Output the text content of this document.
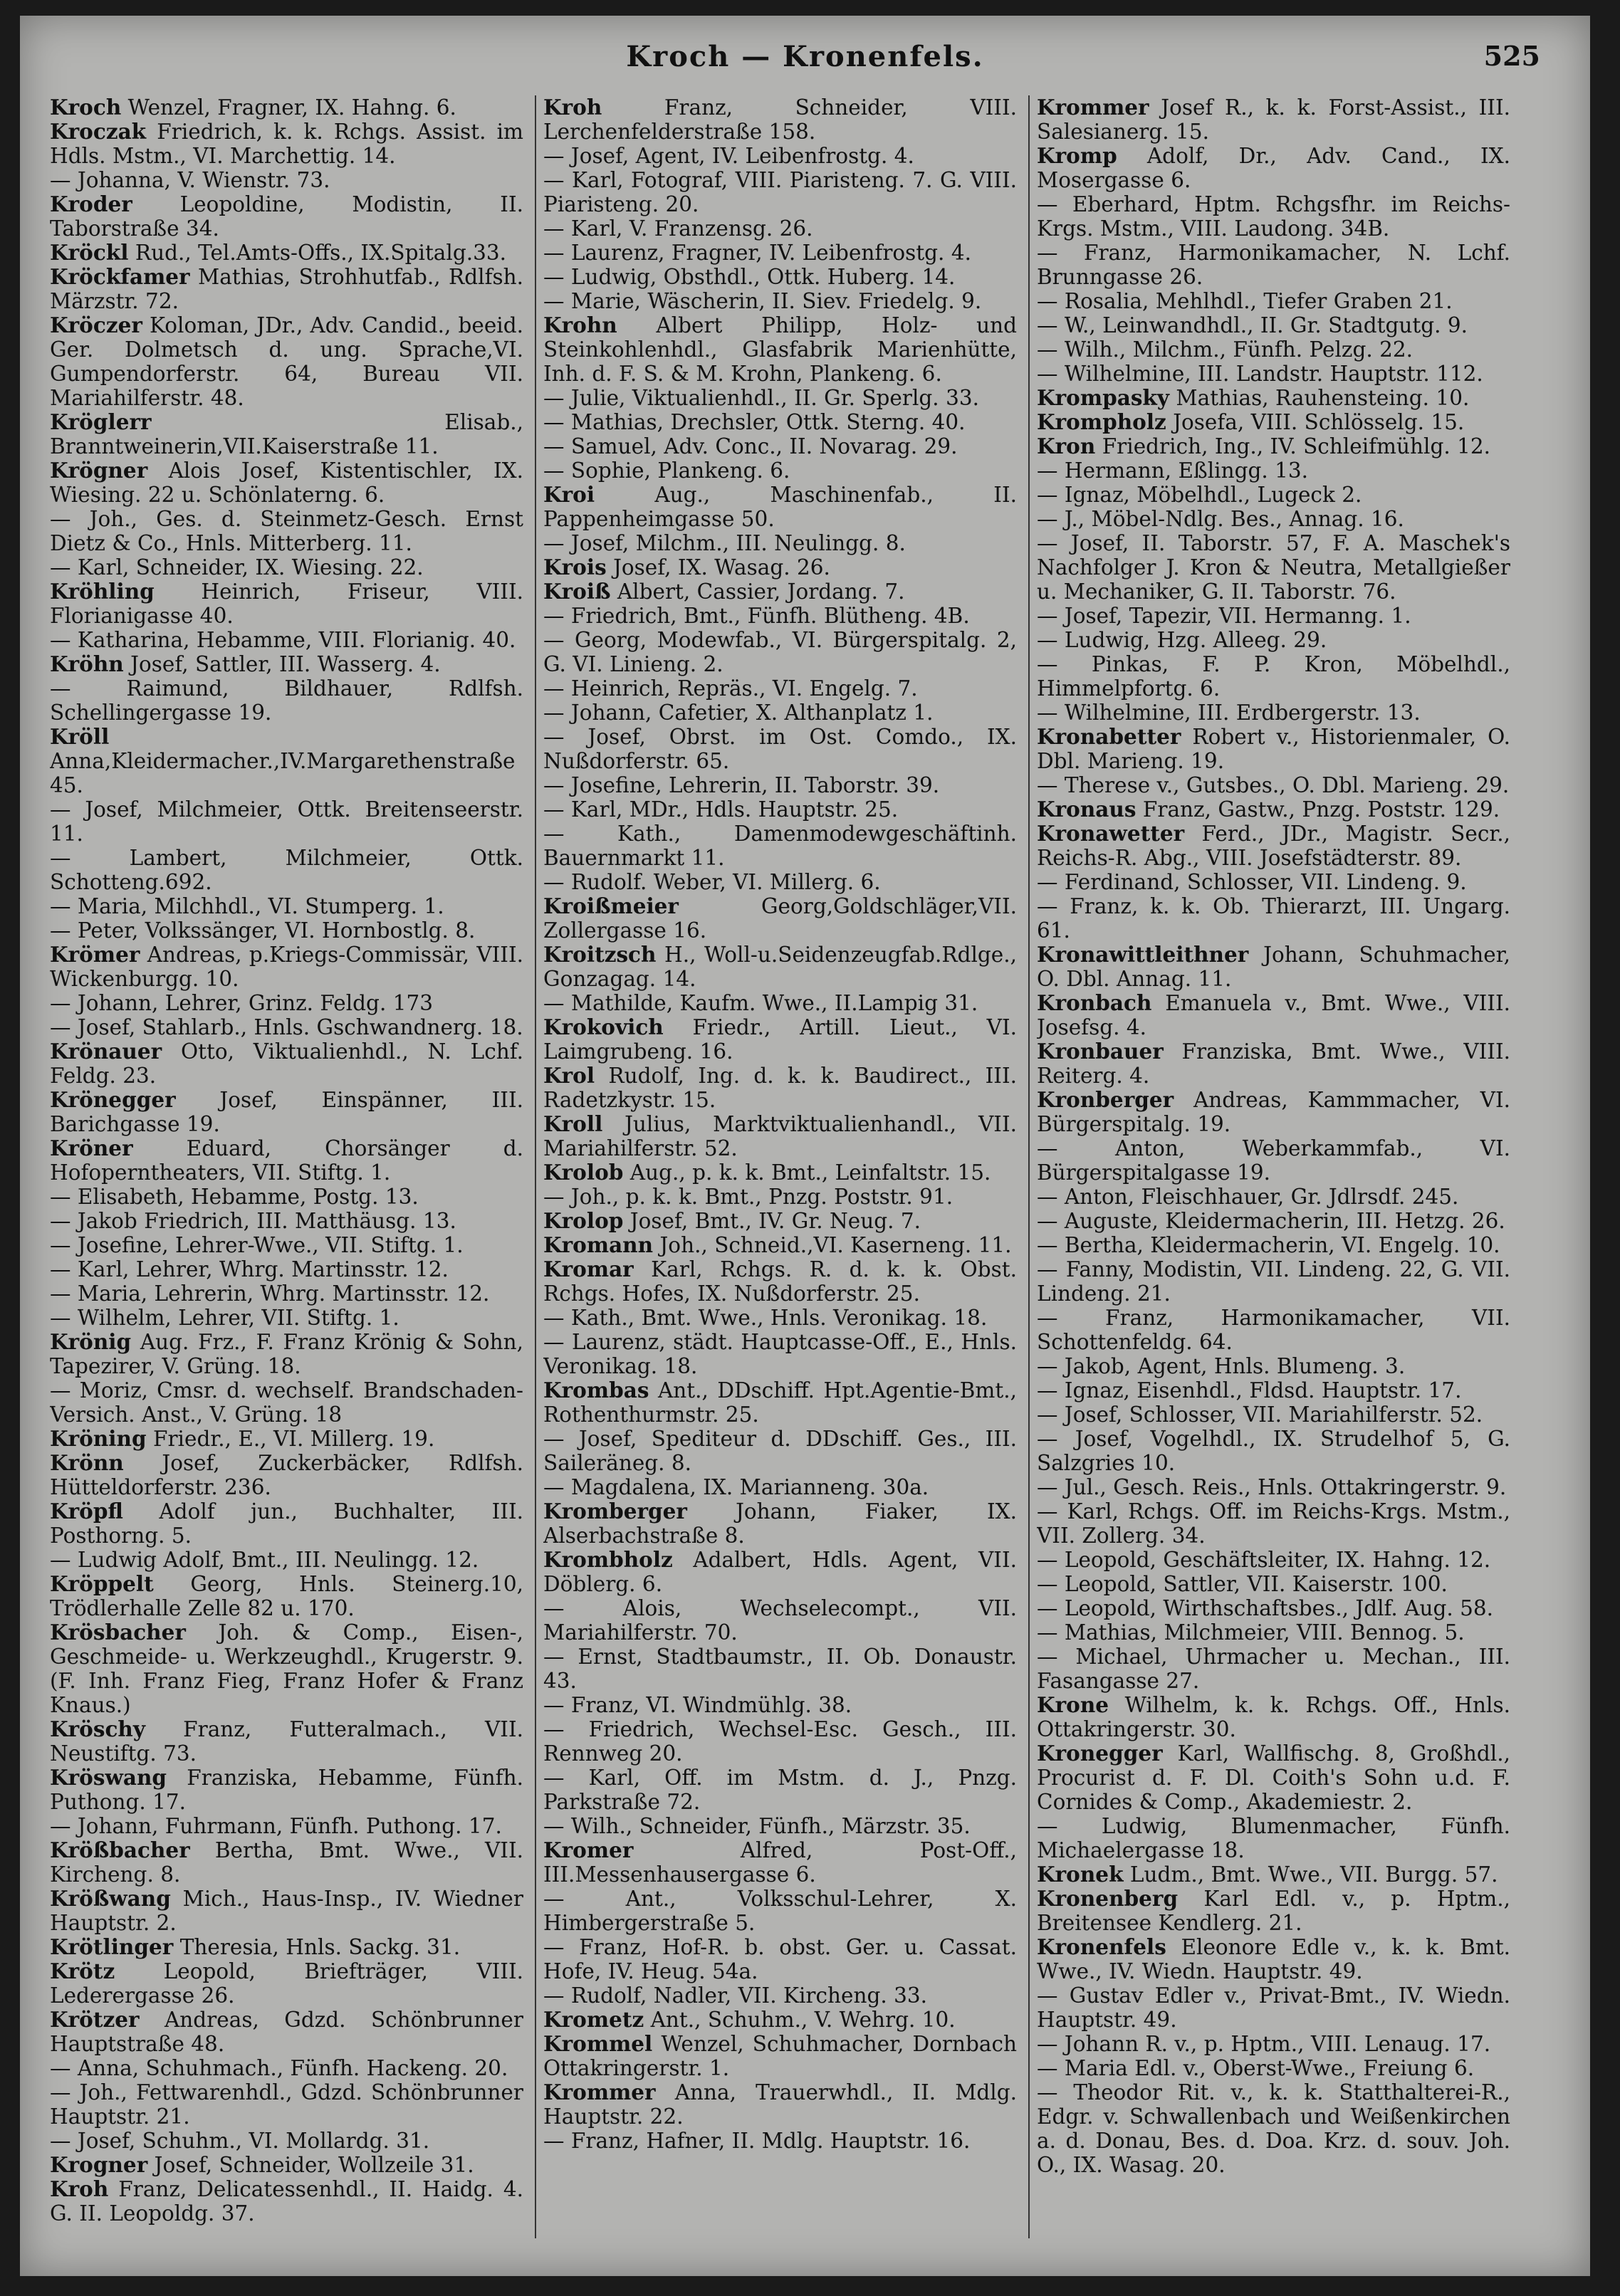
Kroch — Kronenfels.	525
Kroch Wenzel, Fragner, IX. Hahng. 6.
Kroczak Friedrich, k. k. Rchgs. Assist. im Hdls. Mstm., VI. Marchettig. 14.
— Johanna, V. Wienstr. 73.
Kroder Leopoldine, Modistin, II. Taborstraße 34.
Kröckl Rud., Tel.Amts-Offs., IX.Spitalg.33.
Kröckfamer Mathias, Strohhutfab., Rdlfsh. Märzstr. 72.
Kröczer Koloman, JDr., Adv. Candid., beeid. Ger. Dolmetsch d. ung. Sprache,VI. Gumpendorferstr. 64, Bureau VII. Mariahilferstr. 48.
Kröglerr	Elisab., Branntweinerin,VII.Kaiserstraße 11.
Krögner Alois Josef, Kistentischler, IX. Wiesing. 22 u. Schönlaterng. 6.
— Joh., Ges. d. Steinmetz-Gesch. Ernst Dietz & Co., Hnls. Mitterberg. 11.
— Karl, Schneider, IX. Wiesing. 22.
Kröhling Heinrich, Friseur, VIII. Florianigasse 40.
— Katharina, Hebamme, VIII. Florianig. 40.
Kröhn Josef, Sattler, III. Wasserg. 4.
— Raimund, Bildhauer, Rdlfsh. Schellingergasse 19.
Kröll Anna,Kleidermacher.,IV.Margarethenstraße 45.
— Josef, Milchmeier, Ottk. Breitenseerstr. 11.
— Lambert, Milchmeier, Ottk. Schotteng.692.
— Maria, Milchhdl., VI. Stumperg. 1.
— Peter, Volkssänger, VI. Hornbostlg. 8.
Krömer Andreas, p.Kriegs-Commissär, VIII. Wickenburgg. 10.
— Johann, Lehrer, Grinz. Feldg. 173
— Josef, Stahlarb., Hnls. Gschwandnerg. 18.
Krönauer Otto, Viktualienhdl., N. Lchf. Feldg. 23.
Krönegger Josef, Einspänner, III. Barichgasse 19.
Kröner	Eduard, Chorsänger d. Hofoperntheaters, VII. Stiftg. 1.
— Elisabeth, Hebamme, Postg. 13.
— Jakob Friedrich, III. Matthäusg. 13.
— Josefine, Lehrer-Wwe., VII. Stiftg. 1.
— Karl, Lehrer, Whrg. Martinsstr. 12.
— Maria, Lehrerin, Whrg. Martinsstr. 12.
— Wilhelm, Lehrer, VII. Stiftg. 1.
Krönig Aug. Frz., F. Franz Krönig & Sohn, Tapezirer, V. Grüng. 18.
— Moriz, Cmsr. d. wechself. Brandschaden-Versich. Anst., V. Grüng. 18
Kröning Friedr., E., VI. Millerg. 19.
Krönn Josef, Zuckerbäcker, Rdlfsh. Hütteldorferstr. 236.
Kröpfl Adolf jun., Buchhalter, III. Posthorng. 5.
— Ludwig Adolf, Bmt., III. Neulingg. 12.
Kröppelt Georg, Hnls. Steinerg.10, Trödlerhalle Zelle 82 u. 170.
Krösbacher Joh. & Comp., Eisen-, Geschmeide- u. Werkzeughdl., Krugerstr. 9. (F. Inh. Franz Fieg, Franz Hofer & Franz Knaus.)
Kröschy Franz, Futteralmach., VII. Neustiftg. 73.
Kröswang Franziska, Hebamme, Fünfh. Puthong. 17.
— Johann, Fuhrmann, Fünfh. Puthong. 17.
Krößbacher Bertha, Bmt. Wwe., VII. Kircheng. 8.
Krößwang Mich., Haus-Insp., IV. Wiedner Hauptstr. 2.
Krötlinger Theresia, Hnls. Sackg. 31.
Krötz Leopold, Briefträger, VIII. Lederergasse 26.
Krötzer Andreas, Gdzd. Schönbrunner Hauptstraße 48.
— Anna, Schuhmach., Fünfh. Hackeng. 20.
— Joh., Fettwarenhdl., Gdzd. Schönbrunner Hauptstr. 21.
— Josef, Schuhm., VI. Mollardg. 31.
Krogner Josef, Schneider, Wollzeile 31.
Kroh Franz, Delicatessenhdl., II. Haidg. 4. G. II. Leopoldg. 37.
Kroh	Franz, Schneider, VIII. Lerchenfelderstraße 158.
— Josef, Agent, IV. Leibenfrostg. 4.
— Karl, Fotograf, VIII. Piaristeng. 7. G. VIII. Piaristeng. 20.
— Karl, V. Franzensg. 26.
— Laurenz, Fragner, IV. Leibenfrostg. 4.
— Ludwig, Obsthdl., Ottk. Huberg. 14.
— Marie, Wäscherin, II. Siev. Friedelg. 9.
Krohn Albert Philipp, Holz- und Steinkohlenhdl., Glasfabrik Marienhütte, Inh. d. F. S. & M. Krohn, Plankeng. 6.
— Julie, Viktualienhdl., II. Gr. Sperlg. 33.
— Mathias, Drechsler, Ottk. Sterng. 40.
— Samuel, Adv. Conc., II. Novarag. 29.
— Sophie, Plankeng. 6.
Kroi	Aug., Maschinenfab., II. Pappenheimgasse 50.
— Josef, Milchm., III. Neulingg. 8.
Krois Josef, IX. Wasag. 26.
Kroiß Albert, Cassier, Jordang. 7.
— Friedrich, Bmt., Fünfh. Blütheng. 4B.
— Georg, Modewfab., VI. Bürgerspitalg. 2, G. VI. Linieng. 2.
— Heinrich, Repräs., VI. Engelg. 7.
— Johann, Cafetier, X. Althanplatz 1.
— Josef, Obrst. im Ost. Comdo., IX. Nußdorferstr. 65.
— Josefine, Lehrerin, II. Taborstr. 39.
— Karl, MDr., Hdls. Hauptstr. 25.
— Kath., Damenmodewgeschäftinh. Bauernmarkt 11.
— Rudolf. Weber, VI. Millerg. 6.
Kroißmeier	Georg,Goldschläger,VII. Zollergasse 16.
Kroitzsch H., Woll-u.Seidenzeugfab.Rdlge., Gonzagag. 14.
— Mathilde, Kaufm. Wwe., II.Lampig 31.
Krokovich Friedr., Artill. Lieut., VI. Laimgrubeng. 16.
Krol Rudolf, Ing. d. k. k. Baudirect., III. Radetzkystr. 15.
Kroll Julius, Marktviktualienhandl., VII. Mariahilferstr. 52.
Krolob Aug., p. k. k. Bmt., Leinfaltstr. 15.
— Joh., p. k. k. Bmt., Pnzg. Poststr. 91.
Krolop Josef, Bmt., IV. Gr. Neug. 7.
Kromann Joh., Schneid.,VI. Kaserneng. 11.
Kromar Karl, Rchgs. R. d. k. k. Obst. Rchgs. Hofes, IX. Nußdorferstr. 25.
— Kath., Bmt. Wwe., Hnls. Veronikag. 18.
— Laurenz, städt. Hauptcasse-Off., E., Hnls. Veronikag. 18.
Krombas Ant., DDschiff. Hpt.Agentie-Bmt., Rothenthurmstr. 25.
— Josef, Spediteur d. DDschiff. Ges., III. Saileräneg. 8.
— Magdalena, IX. Marianneng. 30a.
Kromberger Johann, Fiaker, IX. Alserbachstraße 8.
Krombholz Adalbert, Hdls. Agent, VII. Döblerg. 6.
— Alois, Wechselecompt., VII. Mariahilferstr. 70.
— Ernst, Stadtbaumstr., II. Ob. Donaustr. 43.
— Franz, VI. Windmühlg. 38.
— Friedrich, Wechsel-Esc. Gesch., III. Rennweg 20.
— Karl, Off. im Mstm. d. J., Pnzg. Parkstraße 72.
— Wilh., Schneider, Fünfh., Märzstr. 35.
Kromer	Alfred, Post-Off., III.Messenhausergasse 6.
— Ant., Volksschul-Lehrer, X. Himbergerstraße 5.
— Franz, Hof-R. b. obst. Ger. u. Cassat. Hofe, IV. Heug. 54a.
— Rudolf, Nadler, VII. Kircheng. 33.
Krometz Ant., Schuhm., V. Wehrg. 10.
Krommel Wenzel, Schuhmacher, Dornbach Ottakringerstr. 1.
Krommer Anna, Trauerwhdl., II. Mdlg. Hauptstr. 22.
— Franz, Hafner, II. Mdlg. Hauptstr. 16.
Krommer Josef R., k. k. Forst-Assist., III. Salesianerg. 15.
Kromp Adolf, Dr., Adv. Cand., IX. Mosergasse 6.
— Eberhard, Hptm. Rchgsfhr. im Reichs-Krgs. Mstm., VIII. Laudong. 34B.
— Franz, Harmonikamacher, N. Lchf. Brunngasse 26.
— Rosalia, Mehlhdl., Tiefer Graben 21.
— W., Leinwandhdl., II. Gr. Stadtgutg. 9.
— Wilh., Milchm., Fünfh. Pelzg. 22.
— Wilhelmine, III. Landstr. Hauptstr. 112.
Krompasky Mathias, Rauhensteing. 10.
Krompholz Josefa, VIII. Schlösselg. 15.
Kron Friedrich, Ing., IV. Schleifmühlg. 12.
— Hermann, Eßlingg. 13.
— Ignaz, Möbelhdl., Lugeck 2.
— J., Möbel-Ndlg. Bes., Annag. 16.
— Josef, II. Taborstr. 57, F. A. Maschek's Nachfolger J. Kron & Neutra, Metallgießer u. Mechaniker, G. II. Taborstr. 76.
— Josef, Tapezir, VII. Hermanng. 1.
— Ludwig, Hzg. Alleeg. 29.
— Pinkas, F. P. Kron, Möbelhdl., Himmelpfortg. 6.
— Wilhelmine, III. Erdbergerstr. 13.
Kronabetter Robert v., Historienmaler, O. Dbl. Marieng. 19.
— Therese v., Gutsbes., O. Dbl. Marieng. 29.
Kronaus Franz, Gastw., Pnzg. Poststr. 129.
Kronawetter Ferd., JDr., Magistr. Secr., Reichs-R. Abg., VIII. Josefstädterstr. 89.
— Ferdinand, Schlosser, VII. Lindeng. 9.
— Franz, k. k. Ob. Thierarzt, III. Ungarg. 61.
Kronawittleithner Johann, Schuhmacher, O. Dbl. Annag. 11.
Kronbach Emanuela v., Bmt. Wwe., VIII. Josefsg. 4.
Kronbauer Franziska, Bmt. Wwe., VIII. Reiterg. 4.
Kronberger Andreas, Kammmacher, VI. Bürgerspitalg. 19.
— Anton, Weberkammfab., VI. Bürgerspitalgasse 19.
— Anton, Fleischhauer, Gr. Jdlrsdf. 245.
— Auguste, Kleidermacherin, III. Hetzg. 26.
— Bertha, Kleidermacherin, VI. Engelg. 10.
— Fanny, Modistin, VII. Lindeng. 22, G. VII. Lindeng. 21.
— Franz, Harmonikamacher, VII. Schottenfeldg. 64.
— Jakob, Agent, Hnls. Blumeng. 3.
— Ignaz, Eisenhdl., Fldsd. Hauptstr. 17.
— Josef, Schlosser, VII. Mariahilferstr. 52.
— Josef, Vogelhdl., IX. Strudelhof 5, G. Salzgries 10.
— Jul., Gesch. Reis., Hnls. Ottakringerstr. 9.
— Karl, Rchgs. Off. im Reichs-Krgs. Mstm., VII. Zollerg. 34.
— Leopold, Geschäftsleiter, IX. Hahng. 12.
— Leopold, Sattler, VII. Kaiserstr. 100.
— Leopold, Wirthschaftsbes., Jdlf. Aug. 58.
— Mathias, Milchmeier, VIII. Bennog. 5.
— Michael, Uhrmacher u. Mechan., III. Fasangasse 27.
Krone Wilhelm, k. k. Rchgs. Off., Hnls. Ottakringerstr. 30.
Kronegger Karl, Wallfischg. 8, Großhdl., Procurist d. F. Dl. Coith's Sohn u.d. F. Cornides & Comp., Akademiestr. 2.
— Ludwig, Blumenmacher, Fünfh. Michaelergasse 18.
Kronek Ludm., Bmt. Wwe., VII. Burgg. 57.
Kronenberg Karl Edl. v., p. Hptm., Breitensee Kendlerg. 21.
Kronenfels Eleonore Edle v., k. k. Bmt. Wwe., IV. Wiedn. Hauptstr. 49.
— Gustav Edler v., Privat-Bmt., IV. Wiedn. Hauptstr. 49.
— Johann R. v., p. Hptm., VIII. Lenaug. 17.
— Maria Edl. v., Oberst-Wwe., Freiung 6.
— Theodor Rit. v., k. k. Statthalterei-R., Edgr. v. Schwallenbach und Weißenkirchen a. d. Donau, Bes. d. Doa. Krz. d. souv. Joh. O., IX. Wasag. 20.
